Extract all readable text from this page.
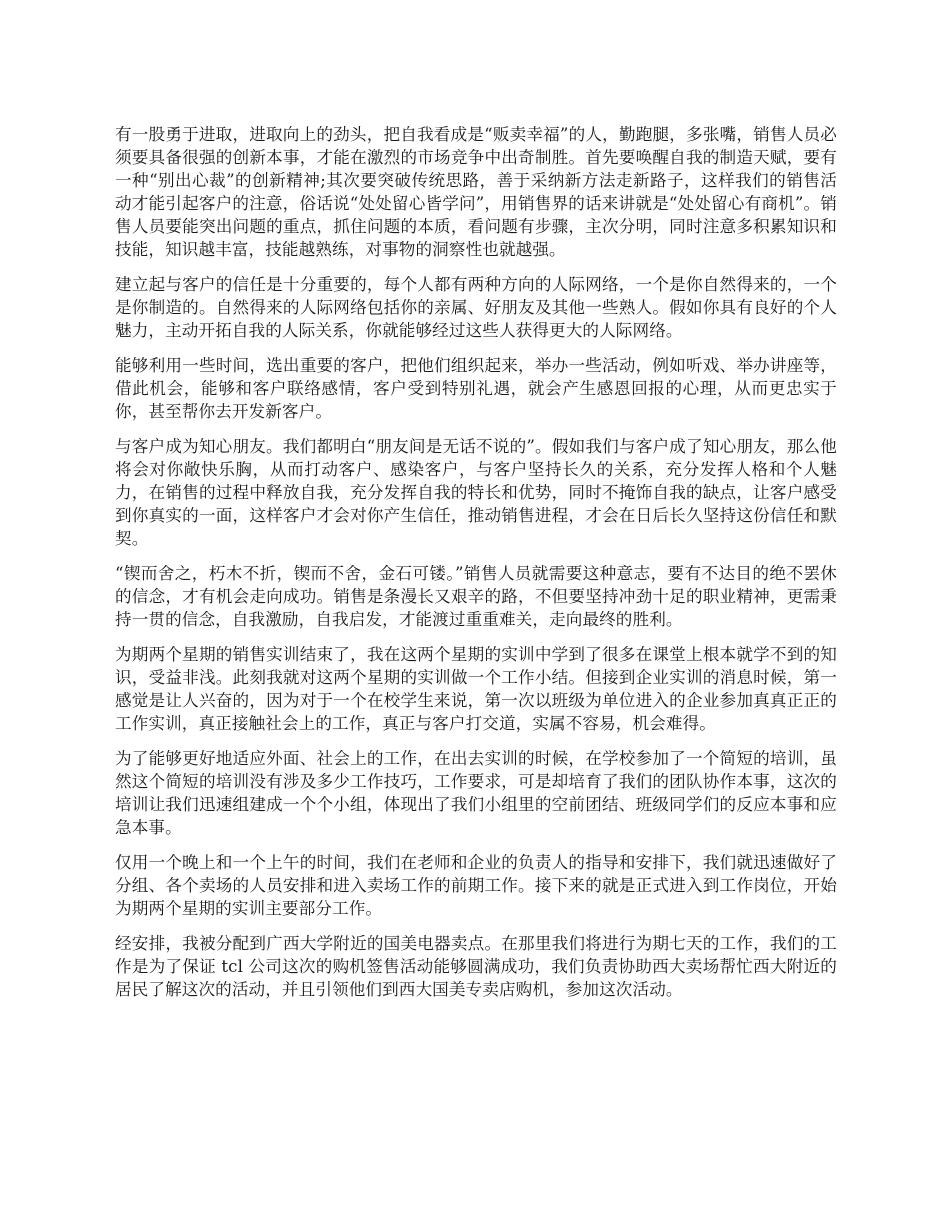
有一股勇于进取，进取向上的劲头，把自我看成是“贩卖幸福”的人，勤跑腿，多张嘴，销售人员必须要具备很强的创新本事，才能在激烈的市场竞争中出奇制胜。首先要唤醒自我的制造天赋，要有一种“别出心裁”的创新精神;其次要突破传统思路，善于采纳新方法走新路子，这样我们的销售活动才能引起客户的注意，俗话说“处处留心皆学问”，用销售界的话来讲就是“处处留心有商机”。销售人员要能突出问题的重点，抓住问题的本质，看问题有步骤，主次分明，同时注意多积累知识和技能，知识越丰富，技能越熟练，对事物的洞察性也就越强。

建立起与客户的信任是十分重要的，每个人都有两种方向的人际网络，一个是你自然得来的，一个是你制造的。自然得来的人际网络包括你的亲属、好朋友及其他一些熟人。假如你具有良好的个人魅力，主动开拓自我的人际关系，你就能够经过这些人获得更大的人际网络。

能够利用一些时间，选出重要的客户，把他们组织起来，举办一些活动，例如听戏、举办讲座等，借此机会，能够和客户联络感情，客户受到特别礼遇，就会产生感恩回报的心理，从而更忠实于你，甚至帮你去开发新客户。

与客户成为知心朋友。我们都明白“朋友间是无话不说的”。假如我们与客户成了知心朋友，那么他将会对你敞快乐胸，从而打动客户、感染客户，与客户坚持长久的关系，充分发挥人格和个人魅力，在销售的过程中释放自我，充分发挥自我的特长和优势，同时不掩饰自我的缺点，让客户感受到你真实的一面，这样客户才会对你产生信任，推动销售进程，才会在日后长久坚持这份信任和默契。

“锲而舍之，朽木不折，锲而不舍，金石可镂。”销售人员就需要这种意志，要有不达目的绝不罢休的信念，才有机会走向成功。销售是条漫长又艰辛的路，不但要坚持冲劲十足的职业精神，更需秉持一贯的信念，自我激励，自我启发，才能渡过重重难关，走向最终的胜利。

为期两个星期的销售实训结束了，我在这两个星期的实训中学到了很多在课堂上根本就学不到的知识，受益非浅。此刻我就对这两个星期的实训做一个工作小结。但接到企业实训的消息时候，第一感觉是让人兴奋的，因为对于一个在校学生来说，第一次以班级为单位进入的企业参加真真正正的工作实训，真正接触社会上的工作，真正与客户打交道，实属不容易，机会难得。

为了能够更好地适应外面、社会上的工作，在出去实训的时候，在学校参加了一个简短的培训，虽然这个简短的培训没有涉及多少工作技巧，工作要求，可是却培育了我们的团队协作本事，这次的培训让我们迅速组建成一个个小组，体现出了我们小组里的空前团结、班级同学们的反应本事和应急本事。

仅用一个晚上和一个上午的时间，我们在老师和企业的负责人的指导和安排下，我们就迅速做好了分组、各个卖场的人员安排和进入卖场工作的前期工作。接下来的就是正式进入到工作岗位，开始为期两个星期的实训主要部分工作。

经安排，我被分配到广西大学附近的国美电器卖点。在那里我们将进行为期七天的工作，我们的工作是为了保证 tcl 公司这次的购机签售活动能够圆满成功，我们负责协助西大卖场帮忙西大附近的居民了解这次的活动，并且引领他们到西大国美专卖店购机，参加这次活动。
